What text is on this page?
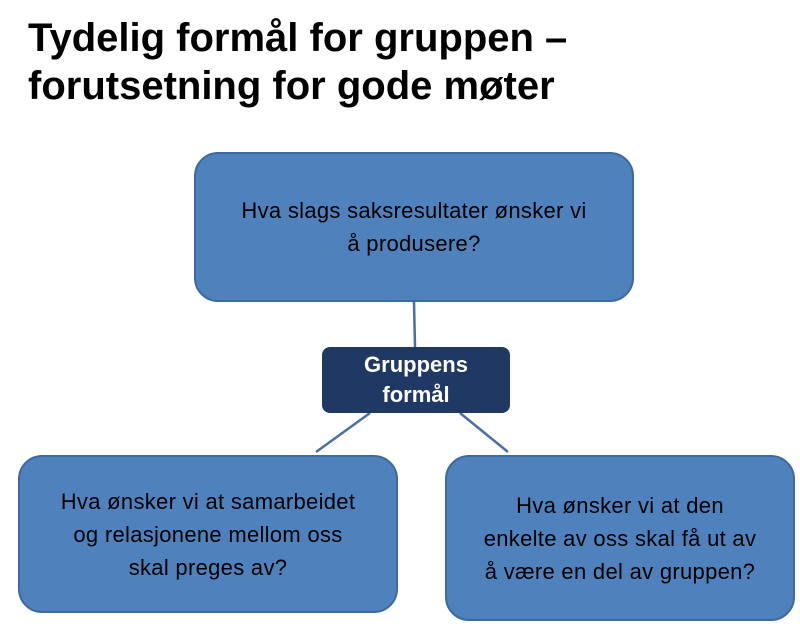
Tydelig formål for gruppen –
forutsetning for gode møter
Hva slags saksresultater ønsker vi
å produsere?
Gruppens
formål
Hva ønsker vi at samarbeidet
og relasjonene mellom oss
skal preges av?
Hva ønsker vi at den
enkelte av oss skal få ut av
å være en del av gruppen?
